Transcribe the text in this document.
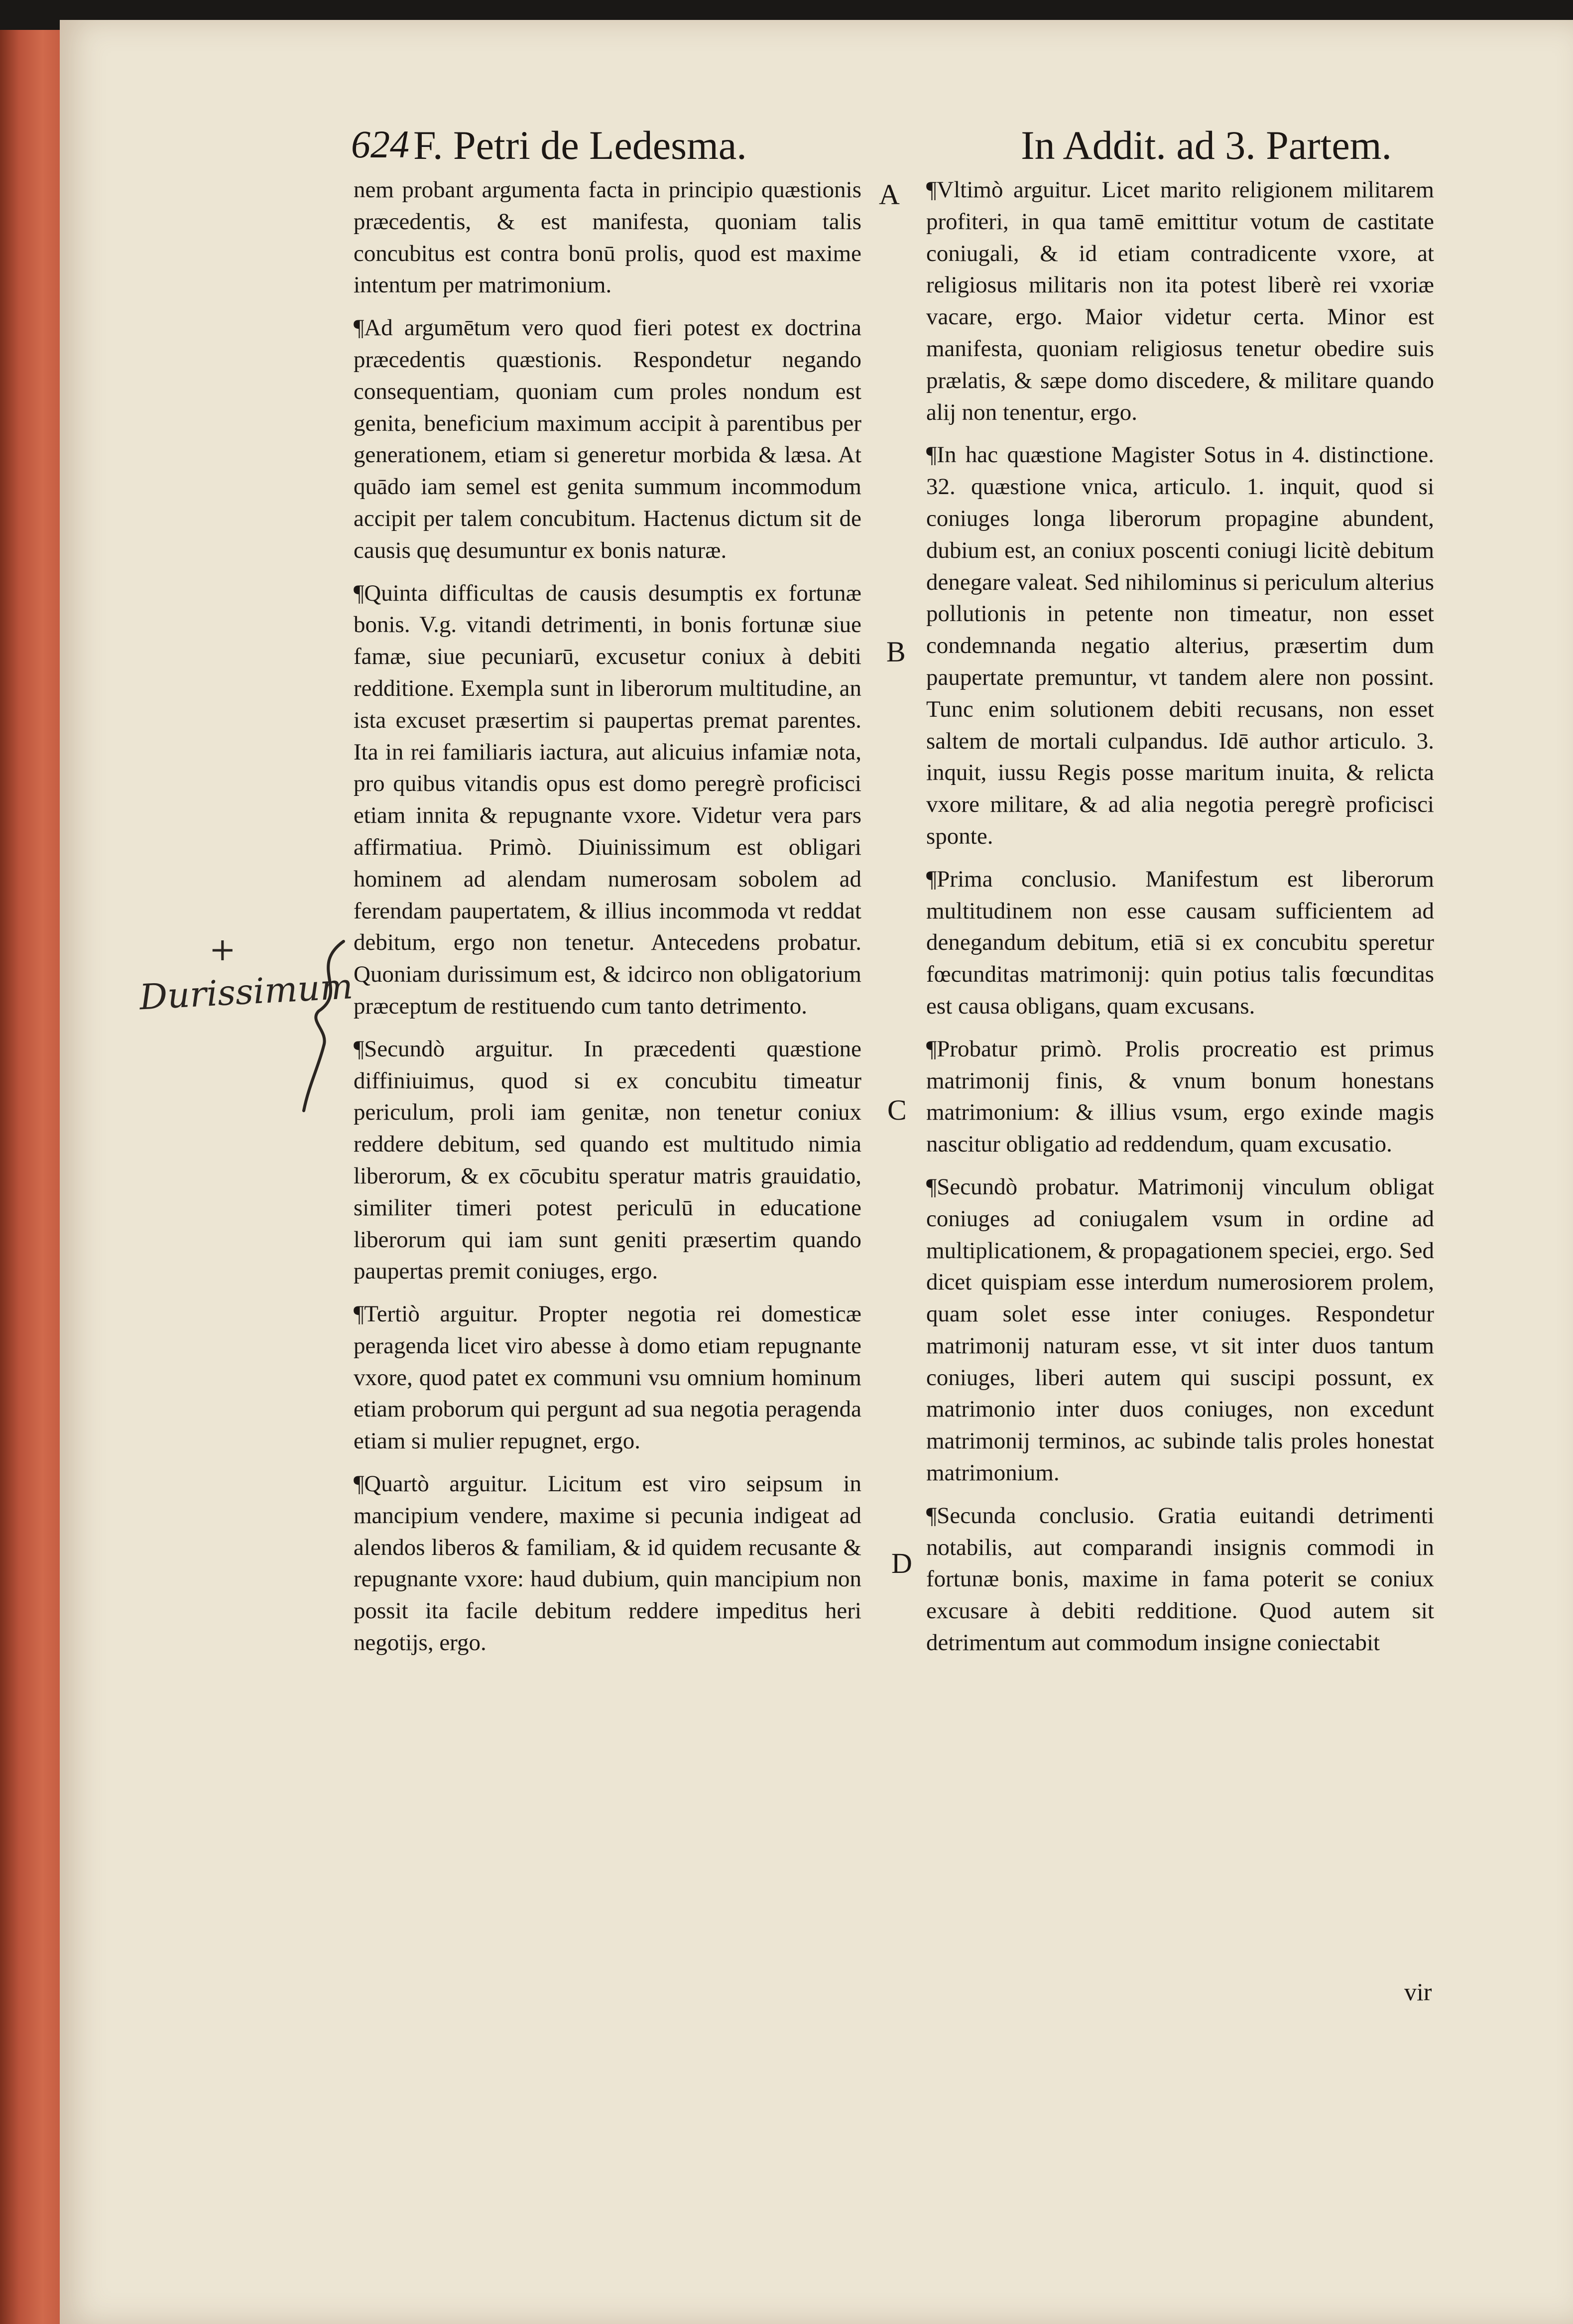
624 F. Petri de Ledesma.	In Addit. ad 3. Partem.

nem probant argumenta facta in principio quæstionis præcedentis, & est manifesta, quoniam talis concubitus est contra bonū prolis, quod est maxime intentum per matrimonium.

¶Ad argumētum vero quod fieri potest ex doctrina præcedentis quæstionis. Respondetur negando consequentiam, quoniam cum proles nondum est genita, beneficium maximum accipit à parentibus per generationem, etiam si generetur morbida & læsa. At quādo iam semel est genita summum incommodum accipit per talem concubitum. Hactenus dictum sit de causis quę desumuntur ex bonis naturæ.

¶Quinta difficultas de causis desumptis ex fortunæ bonis. V.g. vitandi detrimenti, in bonis fortunæ siue famæ, siue pecuniarū, excusetur coniux à debiti redditione. Exempla sunt in liberorum multitudine, an ista excuset præsertim si paupertas premat parentes. Ita in rei familiaris iactura, aut alicuius infamiæ nota, pro quibus vitandis opus est domo peregrè proficisci etiam innita & repugnante vxore. Videtur vera pars affirmatiua. Primò. Diuinissimum est obligari hominem ad alendam numerosam sobolem ad ferendam paupertatem, & illius incommoda vt reddat debitum, ergo non tenetur. Antecedens probatur. Quoniam durissimum est, & idcirco non obligatorium præceptum de restituendo cum tanto detrimento.

¶Secundò arguitur. In præcedenti quæstione diffiniuimus, quod si ex concubitu timeatur periculum, proli iam genitæ, non tenetur coniux reddere debitum, sed quando est multitudo nimia liberorum, & ex cōcubitu speratur matris grauidatio, similiter timeri potest periculū in educatione liberorum qui iam sunt geniti præsertim quando paupertas premit coniuges, ergo.

¶Tertiò arguitur. Propter negotia rei domesticæ peragenda licet viro abesse à domo etiam repugnante vxore, quod patet ex communi vsu omnium hominum etiam proborum qui pergunt ad sua negotia peragenda etiam si mulier repugnet, ergo.

¶Quartò arguitur. Licitum est viro seipsum in mancipium vendere, maxime si pecunia indigeat ad alendos liberos & familiam, & id quidem recusante & repugnante vxore: haud dubium, quin mancipium non possit ita facile debitum reddere impeditus heri negotijs, ergo.

¶Vltimò arguitur. Licet marito religionem militarem profiteri, in qua tamē emittitur votum de castitate coniugali, & id etiam contradicente vxore, at religiosus militaris non ita potest liberè rei vxoriæ vacare, ergo. Maior videtur certa. Minor est manifesta, quoniam religiosus tenetur obedire suis prælatis, & sæpe domo discedere, & militare quando alij non tenentur, ergo.

¶In hac quæstione Magister Sotus in 4. distinctione. 32. quæstione vnica, articulo. 1. inquit, quod si coniuges longa liberorum propagine abundent, dubium est, an coniux poscenti coniugi licitè debitum denegare valeat. Sed nihilominus si periculum alterius pollutionis in petente non timeatur, non esset condemnanda negatio alterius, præsertim dum paupertate premuntur, vt tandem alere non possint. Tunc enim solutionem debiti recusans, non esset saltem de mortali culpandus. Idē author articulo. 3. inquit, iussu Regis posse maritum inuita, & relicta vxore militare, & ad alia negotia peregrè proficisci sponte.

¶Prima conclusio. Manifestum est liberorum multitudinem non esse causam sufficientem ad denegandum debitum, etiā si ex concubitu speretur fœcunditas matrimonij: quin potius talis fœcunditas est causa obligans, quam excusans.

¶Probatur primò. Prolis procreatio est primus matrimonij finis, & vnum bonum honestans matrimonium: & illius vsum, ergo exinde magis nascitur obligatio ad reddendum, quam excusatio.

¶Secundò probatur. Matrimonij vinculum obligat coniuges ad coniugalem vsum in ordine ad multiplicationem, & propagationem speciei, ergo. Sed dicet quispiam esse interdum numerosiorem prolem, quam solet esse inter coniuges. Respondetur matrimonij naturam esse, vt sit inter duos tantum coniuges, liberi autem qui suscipi possunt, ex matrimonio inter duos coniuges, non excedunt matrimonij terminos, ac subinde talis proles honestat matrimonium.

¶Secunda conclusio. Gratia euitandi detrimenti notabilis, aut comparandi insignis commodi in fortunæ bonis, maxime in fama poterit se coniux excusare à debiti redditione. Quod autem sit detrimentum aut commodum insigne coniectabit

A
B
C
D
vir
+
Durissimum
